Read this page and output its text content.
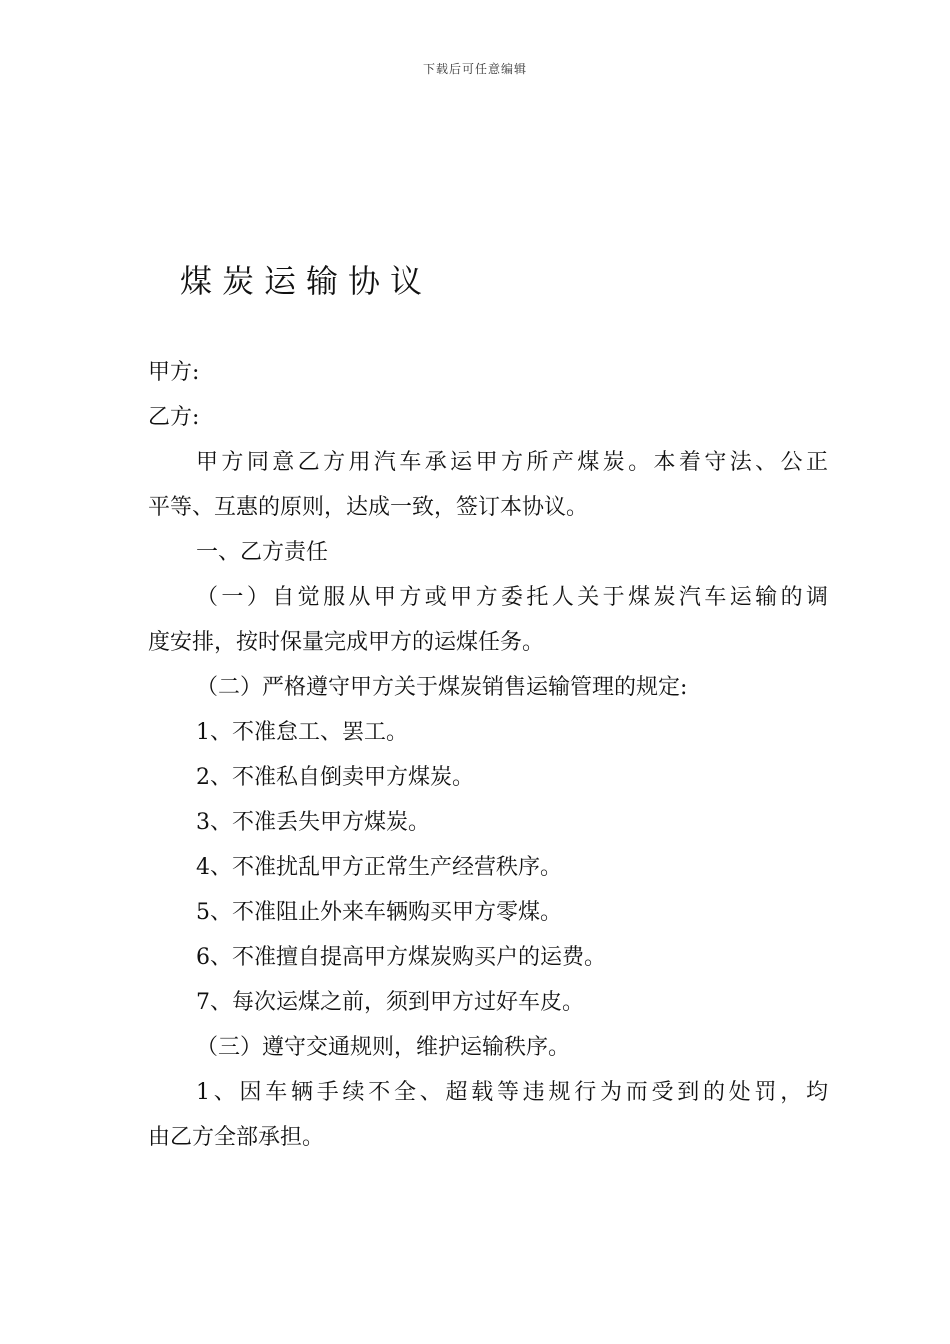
下载后可任意编辑
煤炭运输协议

甲方:

乙方:

甲方同意乙方用汽车承运甲方所产煤炭。本着守法、公正

平等、互惠的原则，达成一致，签订本协议。

一、乙方责任

（一）自觉服从甲方或甲方委托人关于煤炭汽车运输的调

度安排，按时保量完成甲方的运煤任务。

（二）严格遵守甲方关于煤炭销售运输管理的规定:

1、不准怠工、罢工。

2、不准私自倒卖甲方煤炭。

3、不准丢失甲方煤炭。

4、不准扰乱甲方正常生产经营秩序。

5、不准阻止外来车辆购买甲方零煤。

6、不准擅自提高甲方煤炭购买户的运费。

7、每次运煤之前，须到甲方过好车皮。

（三）遵守交通规则，维护运输秩序。

1、因车辆手续不全、超载等违规行为而受到的处罚，均

由乙方全部承担。
